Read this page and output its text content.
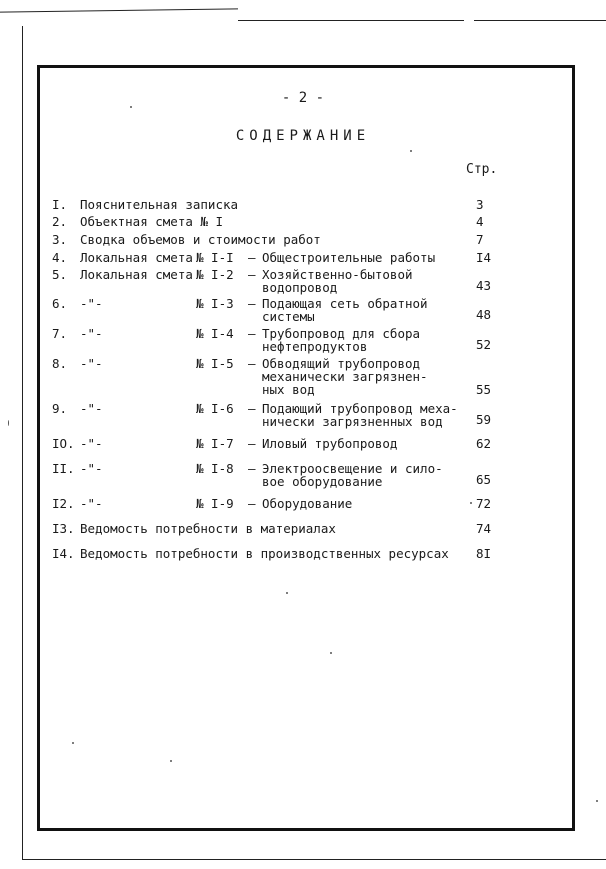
- 2 -
СОДЕРЖАНИЕ
Стр.
I. Пояснительная записка	3
2. Объектная смета № I	4
3. Сводка объемов и стоимости работ	7
4. Локальная смета № I-I – Общестроительные работы	I4
5. Локальная смета № I-2 – Хозяйственно-бытовой
водопровод	43
6. -"-	№ I-3 – Подающая сеть обратной
системы	48
7. -"-	№ I-4 – Трубопровод для сбора
нефтепродуктов	52
8. -"-	№ I-5 – Обводящий трубопровод
механически загрязнен-
ных вод	55
9. -"-	№ I-6 – Подающий трубопровод меха-
нически загрязненных вод	59
IO. -"-	№ I-7 – Иловый трубопровод	62
II. -"-	№ I-8 – Электроосвещение и сило-
вое оборудование	65
I2. -"-	№ I-9 – Оборудование	72
I3. Ведомость потребности в материалах	74
I4. Ведомость потребности в производственных ресурсах 8I
